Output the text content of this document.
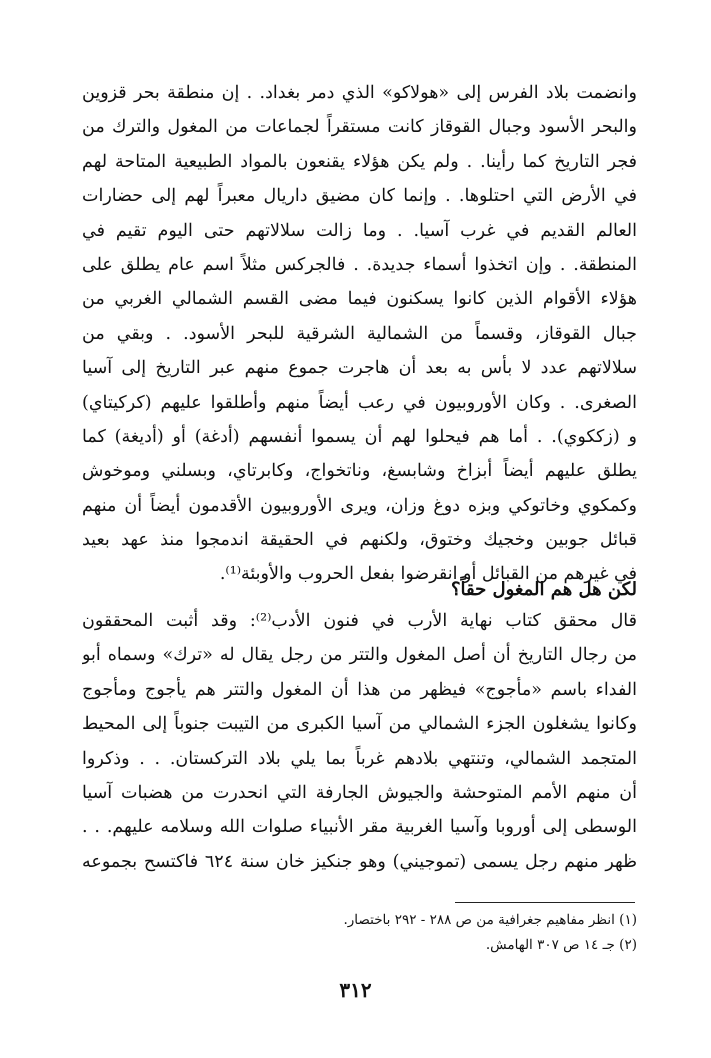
وانضمت بلاد الفرس إلى «هولاكو» الذي دمر بغداد. . إن منطقة بحر قزوين
والبحر الأسود وجبال القوقاز كانت مستقراً لجماعات من المغول والترك من
فجر التاريخ كما رأينا. . ولم يكن هؤلاء يقنعون بالمواد الطبيعية المتاحة لهم
في الأرض التي احتلوها. . وإنما كان مضيق داريال معبراً لهم إلى حضارات
العالم القديم في غرب آسيا. . وما زالت سلالاتهم حتى اليوم تقيم في
المنطقة. . وإن اتخذوا أسماء جديدة. . فالجركس مثلاً اسم عام يطلق على
هؤلاء الأقوام الذين كانوا يسكنون فيما مضى القسم الشمالي الغربي من
جبال القوقاز، وقسماً من الشمالية الشرقية للبحر الأسود. . وبقي من
سلالاتهم عدد لا بأس به بعد أن هاجرت جموع منهم عبر التاريخ إلى آسيا
الصغرى. . وكان الأوروبيون في رعب أيضاً منهم وأطلقوا عليهم (كركيتاي)
و (زككوي). . أما هم فيحلوا لهم أن يسموا أنفسهم (أدغة) أو (أديغة) كما
يطلق عليهم أيضاً أبزاخ وشابسغ، وناتخواج، وكابرتاي، وبسلني وموخوش
وكمكوي وخاتوكي وبزه دوغ وزان، ويرى الأوروبيون الأقدمون أيضاً أن منهم
قبائل جوبين وخجيك وختوق، ولكنهم في الحقيقة اندمجوا منذ عهد بعيد
في غيرهم من القبائل أو انقرضوا بفعل الحروب والأوبئة⁽¹⁾.
لكن هل هم المغول حقاً؟
قال محقق كتاب نهاية الأرب في فنون الأدب⁽²⁾: وقد أثبت المحققون
من رجال التاريخ أن أصل المغول والتتر من رجل يقال له «ترك» وسماه أبو
الفداء باسم «مأجوج» فيظهر من هذا أن المغول والتتر هم يأجوج ومأجوج
وكانوا يشغلون الجزء الشمالي من آسيا الكبرى من التيبت جنوباً إلى المحيط
المتجمد الشمالي، وتنتهي بلادهم غرباً بما يلي بلاد التركستان. . . وذكروا
أن منهم الأمم المتوحشة والجيوش الجارفة التي انحدرت من هضبات آسيا
الوسطى إلى أوروبا وآسيا الغربية مقر الأنبياء صلوات الله وسلامه عليهم. . .
ظهر منهم رجل يسمى (تموجيني) وهو جنكيز خان سنة ٦٢٤ فاكتسح بجموعه
(١) انظر مفاهيم جغرافية من ص ٢٨٨ - ٢٩٢ باختصار.
(٢) جـ ١٤ ص ٣٠٧ الهامش.
٣١٢
